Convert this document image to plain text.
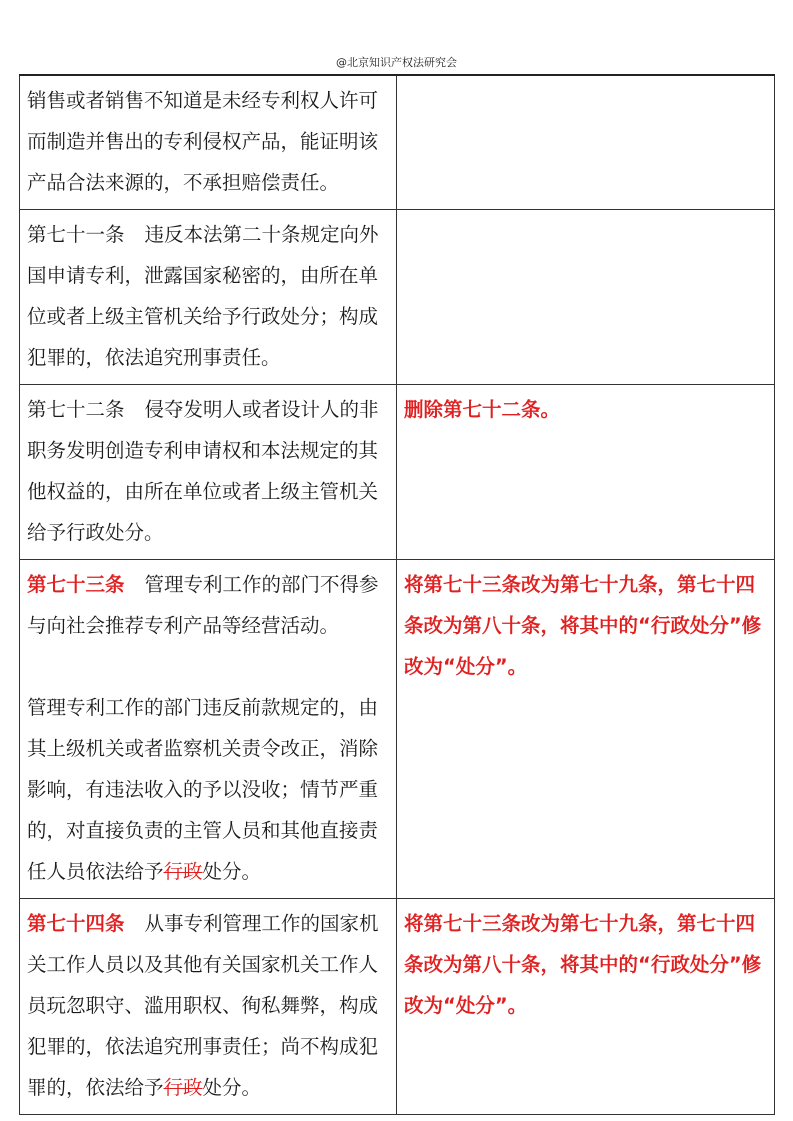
@北京知识产权法研究会
销售或者销售不知道是未经专利权人许可而制造并售出的专利侵权产品，能证明该产品合法来源的，不承担赔偿责任。	
第七十一条 违反本法第二十条规定向外国申请专利，泄露国家秘密的，由所在单位或者上级主管机关给予行政处分；构成犯罪的，依法追究刑事责任。	
第七十二条 侵夺发明人或者设计人的非职务发明创造专利申请权和本法规定的其他权益的，由所在单位或者上级主管机关给予行政处分。	删除第七十二条。

第七十三条 管理专利工作的部门不得参与向社会推荐专利产品等经营活动。
管理专利工作的部门违反前款规定的，由其上级机关或者监察机关责令改正，消除影响，有违法收入的予以没收；情节严重的，对直接负责的主管人员和其他直接责任人员依法给予行政处分。	将第七十三条改为第七十九条，第七十四条改为第八十条，将其中的“行政处分”修改为“处分”。
第七十四条 从事专利管理工作的国家机关工作人员以及其他有关国家机关工作人员玩忽职守、滥用职权、徇私舞弊，构成犯罪的，依法追究刑事责任；尚不构成犯罪的，依法给予行政处分。	将第七十三条改为第七十九条，第七十四条改为第八十条，将其中的“行政处分”修改为“处分”。
